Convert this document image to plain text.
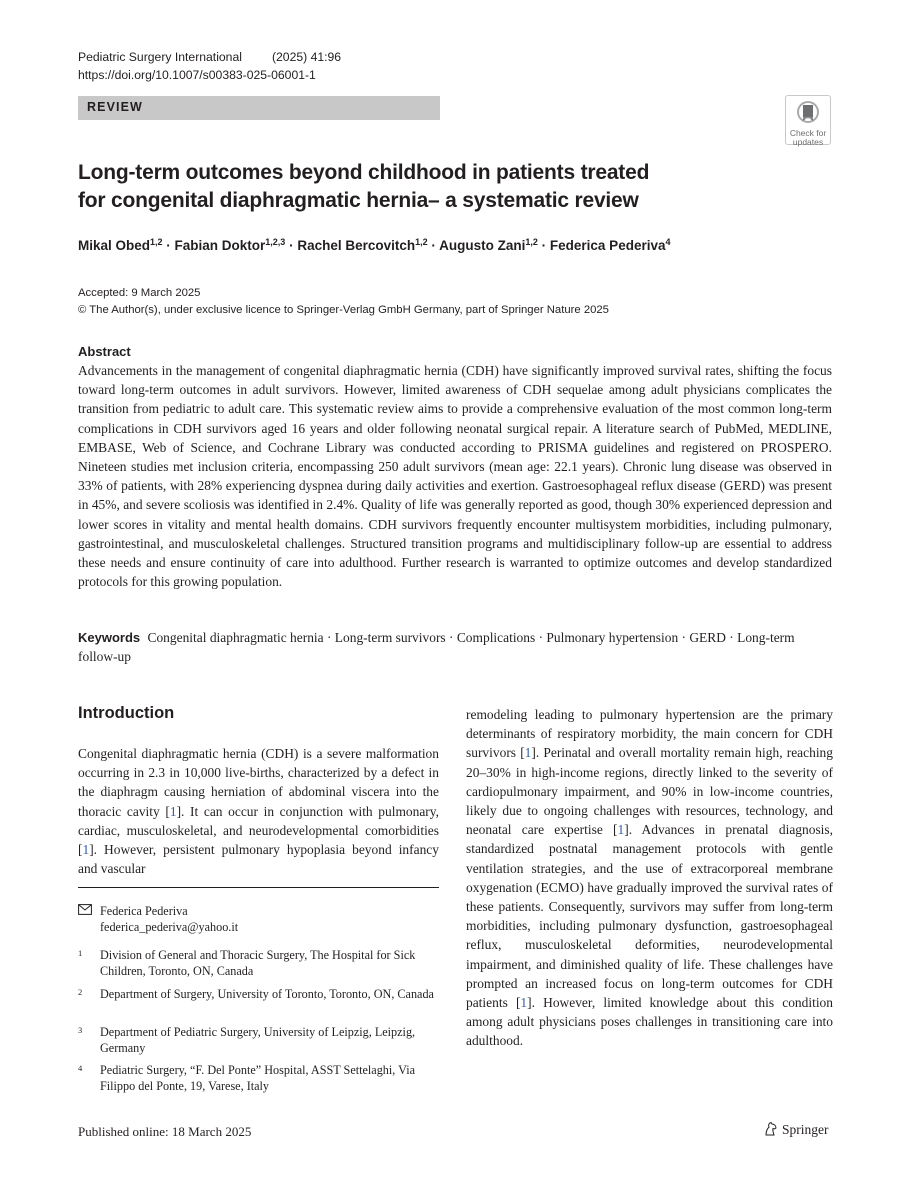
Pediatric Surgery International (2025) 41:96
https://doi.org/10.1007/s00383-025-06001-1
REVIEW
Check for
updates
Long-term outcomes beyond childhood in patients treated
for congenital diaphragmatic hernia– a systematic review
Mikal Obed$^{1,2}$ · Fabian Doktor$^{1,2,3}$ · Rachel Bercovitch$^{1,2}$ · Augusto Zani$^{1,2}$ · Federica Pederiva$^4$
Accepted: 9 March 2025
© The Author(s), under exclusive licence to Springer-Verlag GmbH Germany, part of Springer Nature 2025
Abstract
Advancements in the management of congenital diaphragmatic hernia (CDH) have significantly improved survival rates, shifting the focus toward long-term outcomes in adult survivors. However, limited awareness of CDH sequelae among adult physicians complicates the transition from pediatric to adult care. This systematic review aims to provide a comprehensive evaluation of the most common long-term complications in CDH survivors aged 16 years and older following neonatal surgical repair. A literature search of PubMed, MEDLINE, EMBASE, Web of Science, and Cochrane Library was conducted according to PRISMA guidelines and registered on PROSPERO. Nineteen studies met inclusion criteria, encompassing 250 adult survivors (mean age: 22.1 years). Chronic lung disease was observed in 33% of patients, with 28% experiencing dyspnea during daily activities and exertion. Gastroesophageal reflux disease (GERD) was present in 45%, and severe scoliosis was identified in 2.4%. Quality of life was generally reported as good, though 30% experienced depression and lower scores in vitality and mental health domains. CDH survivors frequently encounter multisystem morbidities, including pulmonary, gastrointestinal, and musculoskeletal challenges. Structured transition programs and multidisciplinary follow-up are essential to address these needs and ensure continuity of care into adulthood. Further research is warranted to optimize outcomes and develop standardized protocols for this growing population.
Keywords Congenital diaphragmatic hernia · Long-term survivors · Complications · Pulmonary hypertension · GERD · Long-term follow-up
Introduction
Congenital diaphragmatic hernia (CDH) is a severe malformation occurring in 2.3 in 10,000 live-births, characterized by a defect in the diaphragm causing herniation of abdominal viscera into the thoracic cavity [1]. It can occur in conjunction with pulmonary, cardiac, musculoskeletal, and neurodevelopmental comorbidities [1]. However, persistent pulmonary hypoplasia beyond infancy and vascular
remodeling leading to pulmonary hypertension are the primary determinants of respiratory morbidity, the main concern for CDH survivors [1]. Perinatal and overall mortality remain high, reaching 20–30% in high-income regions, directly linked to the severity of cardiopulmonary impairment, and 90% in low-income countries, likely due to ongoing challenges with resources, technology, and neonatal care expertise [1]. Advances in prenatal diagnosis, standardized postnatal management protocols with gentle ventilation strategies, and the use of extracorporeal membrane oxygenation (ECMO) have gradually improved the survival rates of these patients. Consequently, survivors may suffer from long-term morbidities, including pulmonary dysfunction, gastroesophageal reflux, musculoskeletal deformities, neurodevelopmental impairment, and diminished quality of life. These challenges have prompted an increased focus on long-term outcomes for CDH patients [1]. However, limited knowledge about this condition among adult physicians poses challenges in transitioning care into adulthood.
Federica Pederiva
federica_pederiva@yahoo.it
1 Division of General and Thoracic Surgery, The Hospital for Sick Children, Toronto, ON, Canada
2 Department of Surgery, University of Toronto, Toronto, ON, Canada
3 Department of Pediatric Surgery, University of Leipzig, Leipzig, Germany
4 Pediatric Surgery, “F. Del Ponte” Hospital, ASST Settelaghi, Via Filippo del Ponte, 19, Varese, Italy
Published online: 18 March 2025	Springer
